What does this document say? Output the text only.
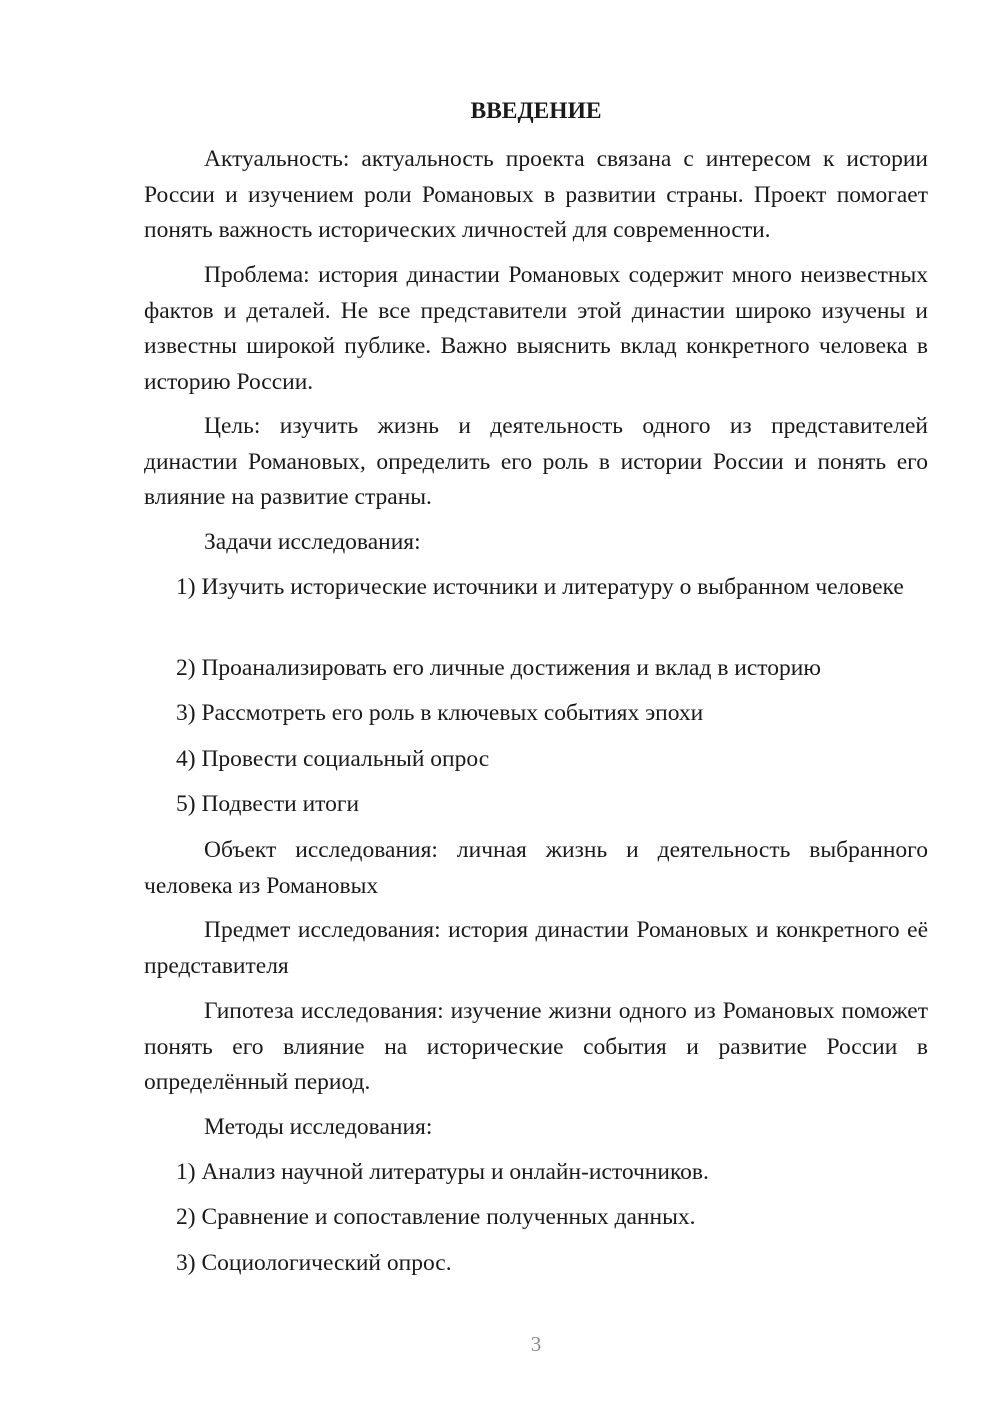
ВВЕДЕНИЕ

Актуальность: актуальность проекта связана с интересом к истории России и изучением роли Романовых в развитии страны. Проект помогает понять важность исторических личностей для современности.

Проблема: история династии Романовых содержит много неизвестных фактов и деталей. Не все представители этой династии широко изучены и известны широкой публике. Важно выяснить вклад конкретного человека в историю России.

Цель: изучить жизнь и деятельность одного из представителей династии Романовых, определить его роль в истории России и понять его влияние на развитие страны.

Задачи исследования:

1) Изучить исторические источники и литературу о выбранном человеке

2) Проанализировать его личные достижения и вклад в историю

3) Рассмотреть его роль в ключевых событиях эпохи

4) Провести социальный опрос

5) Подвести итоги

Объект исследования: личная жизнь и деятельность выбранного человека из Романовых

Предмет исследования: история династии Романовых и конкретного её представителя

Гипотеза исследования: изучение жизни одного из Романовых поможет понять его влияние на исторические события и развитие России в определённый период.

Методы исследования:

1) Анализ научной литературы и онлайн-источников.

2) Сравнение и сопоставление полученных данных.

3) Социологический опрос.

3
